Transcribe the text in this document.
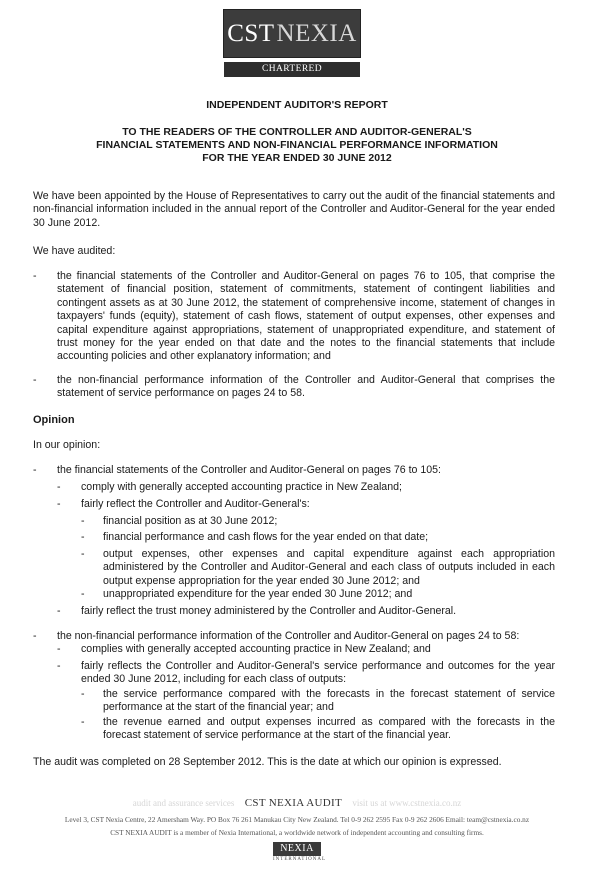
CST NEXIA
CHARTERED ACCOUNTANTS
INDEPENDENT AUDITOR'S REPORT
TO THE READERS OF THE CONTROLLER AND AUDITOR-GENERAL'S
FINANCIAL STATEMENTS AND NON-FINANCIAL PERFORMANCE INFORMATION
FOR THE YEAR ENDED 30 JUNE 2012

We have been appointed by the House of Representatives to carry out the audit of the financial statements and non-financial information included in the annual report of the Controller and Auditor-General for the year ended 30 June 2012.

We have audited:

- the financial statements of the Controller and Auditor-General on pages 76 to 105, that comprise the statement of financial position, statement of commitments, statement of contingent liabilities and contingent assets as at 30 June 2012, the statement of comprehensive income, statement of changes in taxpayers' funds (equity), statement of cash flows, statement of output expenses, other expenses and capital expenditure against appropriations, statement of unappropriated expenditure, and statement of trust money for the year ended on that date and the notes to the financial statements that include accounting policies and other explanatory information; and
- the non-financial performance information of the Controller and Auditor-General that comprises the statement of service performance on pages 24 to 58.

Opinion

In our opinion:

- the financial statements of the Controller and Auditor-General on pages 76 to 105:
- comply with generally accepted accounting practice in New Zealand;
- fairly reflect the Controller and Auditor-General's:
- financial position as at 30 June 2012;
- financial performance and cash flows for the year ended on that date;
- output expenses, other expenses and capital expenditure against each appropriation administered by the Controller and Auditor-General and each class of outputs included in each output expense appropriation for the year ended 30 June 2012; and
- unappropriated expenditure for the year ended 30 June 2012; and
- fairly reflect the trust money administered by the Controller and Auditor-General.
- the non-financial performance information of the Controller and Auditor-General on pages 24 to 58:
- complies with generally accepted accounting practice in New Zealand; and
- fairly reflects the Controller and Auditor-General's service performance and outcomes for the year ended 30 June 2012, including for each class of outputs:
- the service performance compared with the forecasts in the forecast statement of service performance at the start of the financial year; and
- the revenue earned and output expenses incurred as compared with the forecasts in the forecast statement of service performance at the start of the financial year.

The audit was completed on 28 September 2012. This is the date at which our opinion is expressed.

audit and assurance services CST NEXIA AUDIT visit us at www.cstnexia.co.nz
Level 3, CST Nexia Centre, 22 Amersham Way. PO Box 76 261 Manukau City New Zealand. Tel 0-9 262 2595 Fax 0-9 262 2606 Email: team@cstnexia.co.nz
CST NEXIA AUDIT is a member of Nexia International, a worldwide network of independent accounting and consulting firms.
NEXIA
INTERNATIONAL
